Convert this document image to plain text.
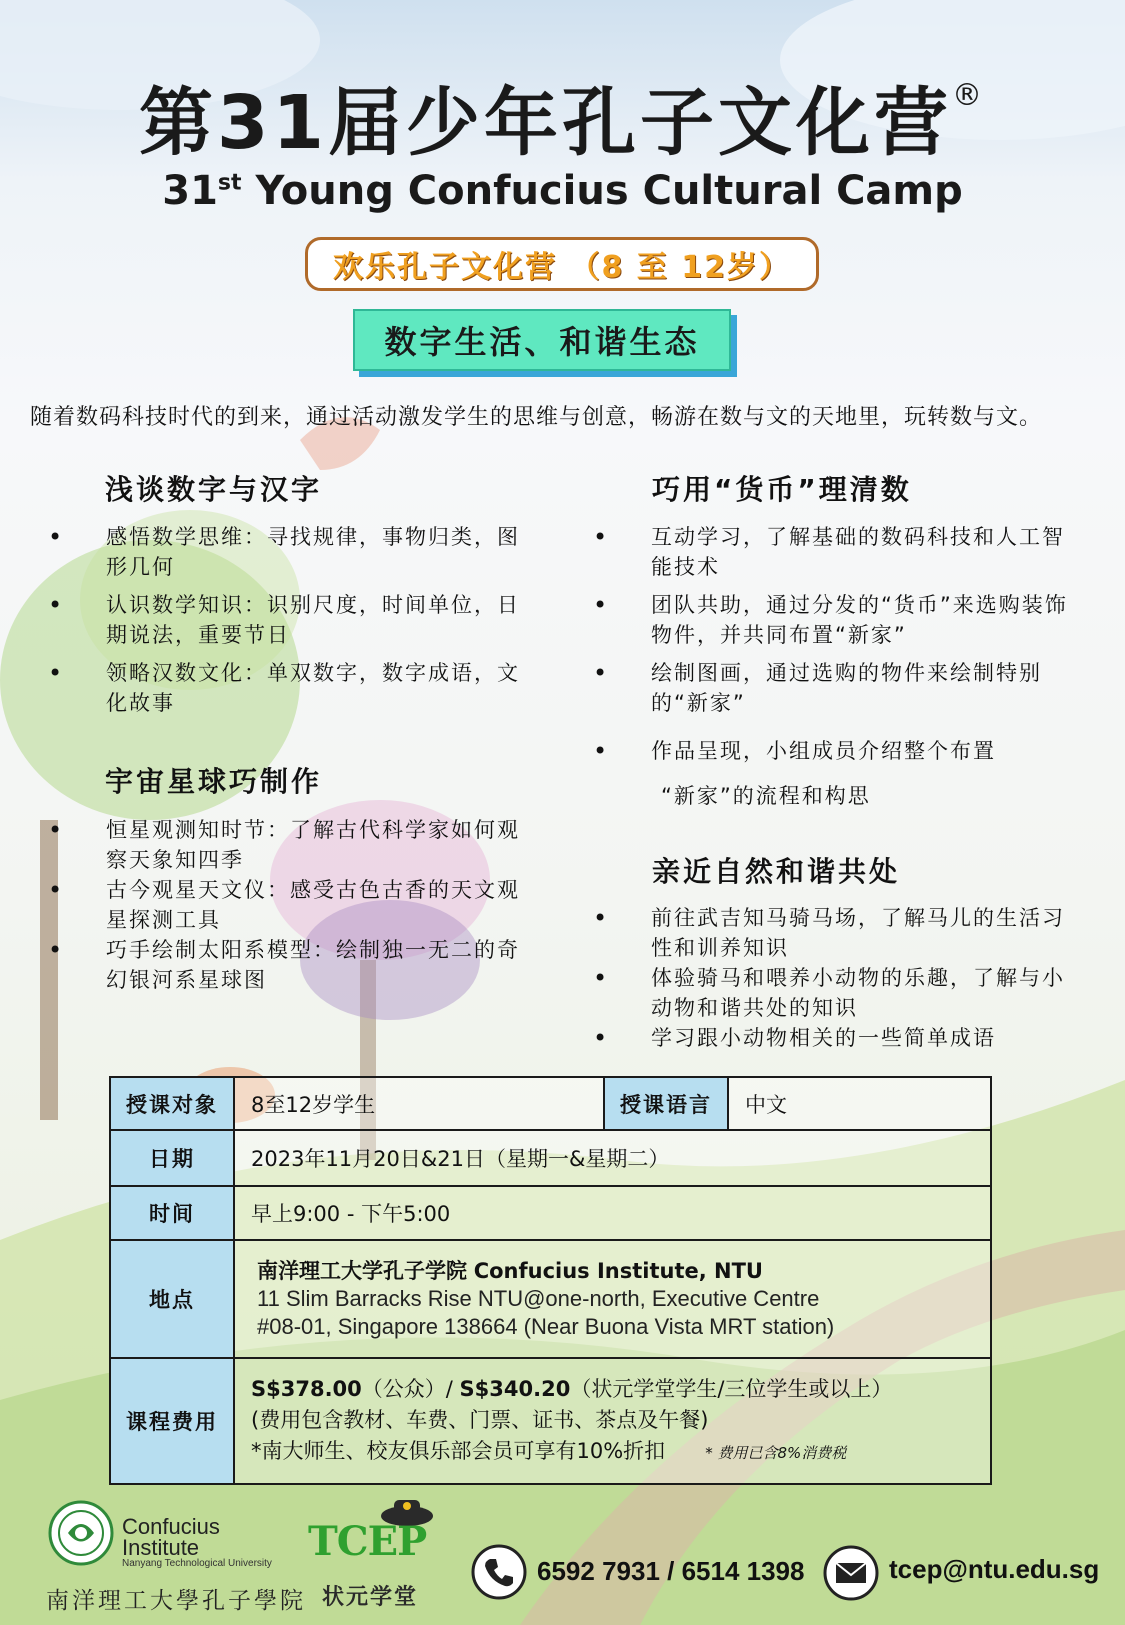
第31届少年孔子文化营®
31st Young Confucius Cultural Camp
欢乐孔子文化营 （8 至 12岁）
数字生活、和谐生态
随着数码科技时代的到来，通过活动激发学生的思维与创意，畅游在数与文的天地里，玩转数与文。
浅谈数字与汉字
• 感悟数学思维：寻找规律，事物归类，图形几何
• 认识数学知识：识别尺度，时间单位，日期说法，重要节日
• 领略汉数文化：单双数字，数字成语，文化故事
宇宙星球巧制作
• 恒星观测知时节：了解古代科学家如何观察天象知四季
• 古今观星天文仪：感受古色古香的天文观星探测工具
• 巧手绘制太阳系模型：绘制独一无二的奇幻银河系星球图
巧用“货币”理清数
• 互动学习，了解基础的数码科技和人工智能技术
• 团队共助，通过分发的“货币”来选购装饰物件，并共同布置“新家”
• 绘制图画，通过选购的物件来绘制特别的“新家”
• 作品呈现，小组成员介绍整个布置
“新家”的流程和构思
亲近自然和谐共处
• 前往武吉知马骑马场，了解马儿的生活习性和训养知识
• 体验骑马和喂养小动物的乐趣，了解与小动物和谐共处的知识
• 学习跟小动物相关的一些简单成语
授课对象	8至12岁学生	授课语言	中文
日期	2023年11月20日&21日（星期一&星期二）		
时间	早上9:00 - 下午5:00		
地点	南洋理工大学孔子学院 Confucius Institute, NTU
11 Slim Barracks Rise NTU@one-north, Executive Centre
#08-01, Singapore 138664 (Near Buona Vista MRT station)		

课程费用	S$378.00（公众）/ S$340.20（状元学堂学生/三位学生或以上）
(费用包含教材、车费、门票、证书、茶点及午餐)
*南大师生、校友俱乐部会员可享有10%折扣 * 费用已含8%消费税		
Confucius
Institute
Nanyang Technological University
南洋理工大學孔子學院
TCEP
状元学堂
6592 7931 / 6514 1398	tcep@ntu.edu.sg
